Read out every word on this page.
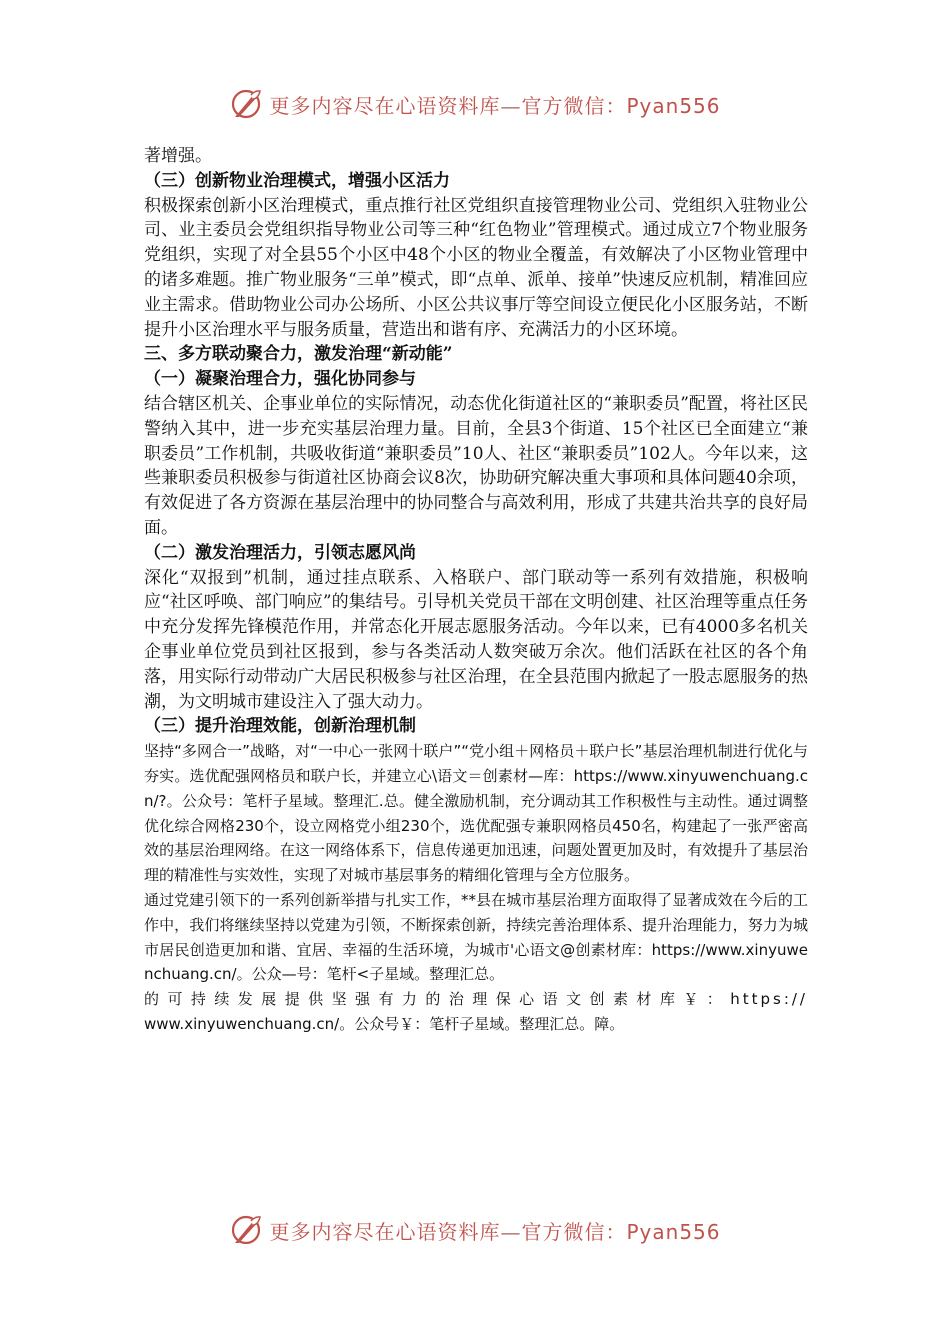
更多内容尽在心语资料库—官方微信：Pyan556

著增强。

（三）创新物业治理模式，增强小区活力

积极探索创新小区治理模式，重点推行社区党组织直接管理物业公司、党组织入驻物业公司、业主委员会党组织指导物业公司等三种“红色物业”管理模式。通过成立7个物业服务党组织，实现了对全县55个小区中48个小区的物业全覆盖，有效解决了小区物业管理中的诸多难题。推广物业服务“三单”模式，即“点单、派单、接单”快速反应机制，精准回应业主需求。借助物业公司办公场所、小区公共议事厅等空间设立便民化小区服务站，不断提升小区治理水平与服务质量，营造出和谐有序、充满活力的小区环境。

三、多方联动聚合力，激发治理“新动能”

（一）凝聚治理合力，强化协同参与

结合辖区机关、企事业单位的实际情况，动态优化街道社区的“兼职委员”配置，将社区民警纳入其中，进一步充实基层治理力量。目前，全县3个街道、15个社区已全面建立“兼职委员”工作机制，共吸收街道“兼职委员”10人、社区“兼职委员”102人。今年以来，这些兼职委员积极参与街道社区协商会议8次，协助研究解决重大事项和具体问题40余项，有效促进了各方资源在基层治理中的协同整合与高效利用，形成了共建共治共享的良好局面。

（二）激发治理活力，引领志愿风尚

深化“双报到”机制，通过挂点联系、入格联户、部门联动等一系列有效措施，积极响应“社区呼唤、部门响应”的集结号。引导机关党员干部在文明创建、社区治理等重点任务中充分发挥先锋模范作用，并常态化开展志愿服务活动。今年以来，已有4000多名机关企事业单位党员到社区报到，参与各类活动人数突破万余次。他们活跃在社区的各个角落，用实际行动带动广大居民积极参与社区治理，在全县范围内掀起了一股志愿服务的热潮，为文明城市建设注入了强大动力。

（三）提升治理效能，创新治理机制

坚持“多网合一”战略，对“一中心一张网十联户”“党小组＋网格员＋联户长”基层治理机制进行优化与夯实。选优配强网格员和联户长，并建立心\语文＝创素材—库：https://www.xinyuwenchuang.cn/?。公众号：笔杆子星域。整理汇.总。健全激励机制，充分调动其工作积极性与主动性。通过调整优化综合网格230个，设立网格党小组230个，选优配强专兼职网格员450名，构建起了一张严密高效的基层治理网络。在这一网络体系下，信息传递更加迅速，问题处置更加及时，有效提升了基层治理的精准性与实效性，实现了对城市基层事务的精细化管理与全方位服务。

通过党建引领下的一系列创新举措与扎实工作，**县在城市基层治理方面取得了显著成效在今后的工作中，我们将继续坚持以党建为引领，不断探索创新，持续完善治理体系、提升治理能力，努力为城市居民创造更加和谐、宜居、幸福的生活环境，为城市'心语文@创素材库：https://www.xinyuwenchuang.cn/。公众—号：笔杆<子星域。整理汇总。

的可持续发展提供坚强有力的治理保心语文创素材库￥：https://

www.xinyuwenchuang.cn/。公众号￥：笔杆子星域。整理汇总。障。

更多内容尽在心语资料库—官方微信：Pyan556
